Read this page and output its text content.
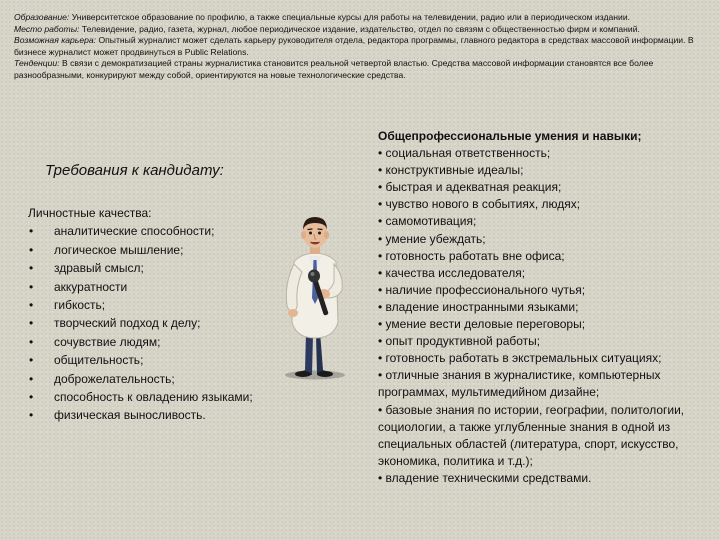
Образование: Университетское образование по профилю, а также специальные курсы для работы на телевидении, радио или в периодическом издании.

Место работы: Телевидение, радио, газета, журнал, любое периодическое издание, издательство, отдел по связям с общественностью фирм и компаний.

Возможная карьера: Опытный журналист может сделать карьеру руководителя отдела, редактора программы, главного редактора в средствах массовой информации. В бизнесе журналист может продвинуться в Public Relations.

Тенденции: В связи с демократизацией страны журналистика становится реальной четвертой властью. Средства массовой информации становятся все более разнообразными, конкурируют между собой, ориентируются на новые технологические средства.

Требования к кандидату:

Личностные качества:

• аналитические способности;
• логическое мышление;
• здравый смысл;
• аккуратности
• гибкость;
• творческий подход к делу;
• сочувствие людям;
• общительность;
• доброжелательность;
• способность к овладению языками;
• физическая выносливость.

Общепрофессиональные умения и навыки;

• социальная ответственность;
• конструктивные идеалы;
• быстрая и адекватная реакция;
• чувство нового в событиях, людях;
• самомотивация;
• умение убеждать;
• готовность работать вне офиса;
• качества исследователя;
• наличие профессионального чутья;
• владение иностранными языками;
• умение вести деловые переговоры;
• опыт продуктивной работы;
• готовность работать в экстремальных ситуациях;
• отличные знания в журналистике, компьютерных программах, мультимедийном дизайне;
• базовые знания по истории, географии, политологии, социологии, а также углубленные знания в одной из специальных областей (литература, спорт, искусство, экономика, политика и т.д.);
• владение техническими средствами.
